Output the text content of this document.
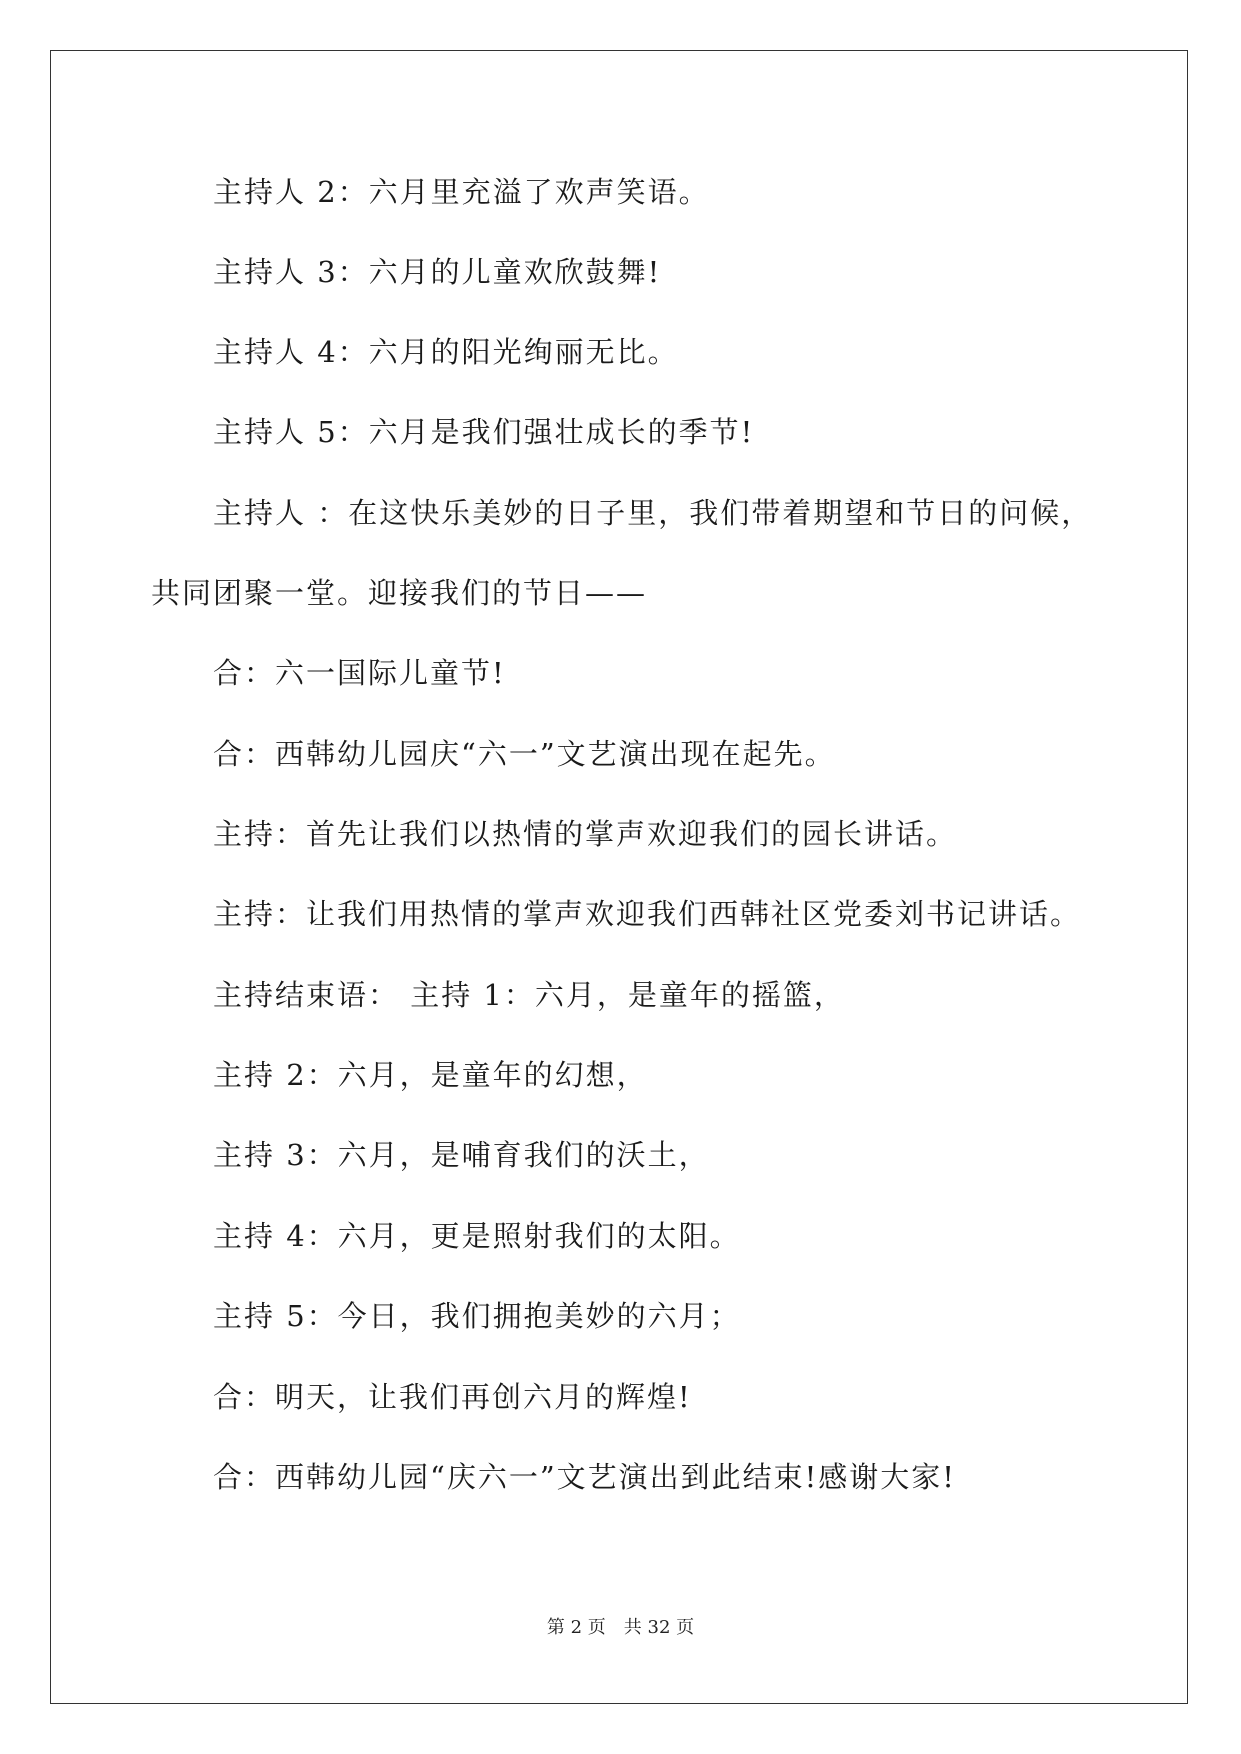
主持人 2：六月里充溢了欢声笑语。
主持人 3：六月的儿童欢欣鼓舞!
主持人 4：六月的阳光绚丽无比。
主持人 5：六月是我们强壮成长的季节!
主持人 ：在这快乐美妙的日子里，我们带着期望和节日的问候，
共同团聚一堂。迎接我们的节日——
合：六一国际儿童节!
合：西韩幼儿园庆“六一”文艺演出现在起先。
主持：首先让我们以热情的掌声欢迎我们的园长讲话。
主持：让我们用热情的掌声欢迎我们西韩社区党委刘书记讲话。
主持结束语： 主持 1：六月，是童年的摇篮，
主持 2：六月，是童年的幻想，
主持 3：六月，是哺育我们的沃土，
主持 4：六月，更是照射我们的太阳。
主持 5：今日，我们拥抱美妙的六月；
合：明天，让我们再创六月的辉煌!
合：西韩幼儿园“庆六一”文艺演出到此结束!感谢大家!
第 2 页　共 32 页
